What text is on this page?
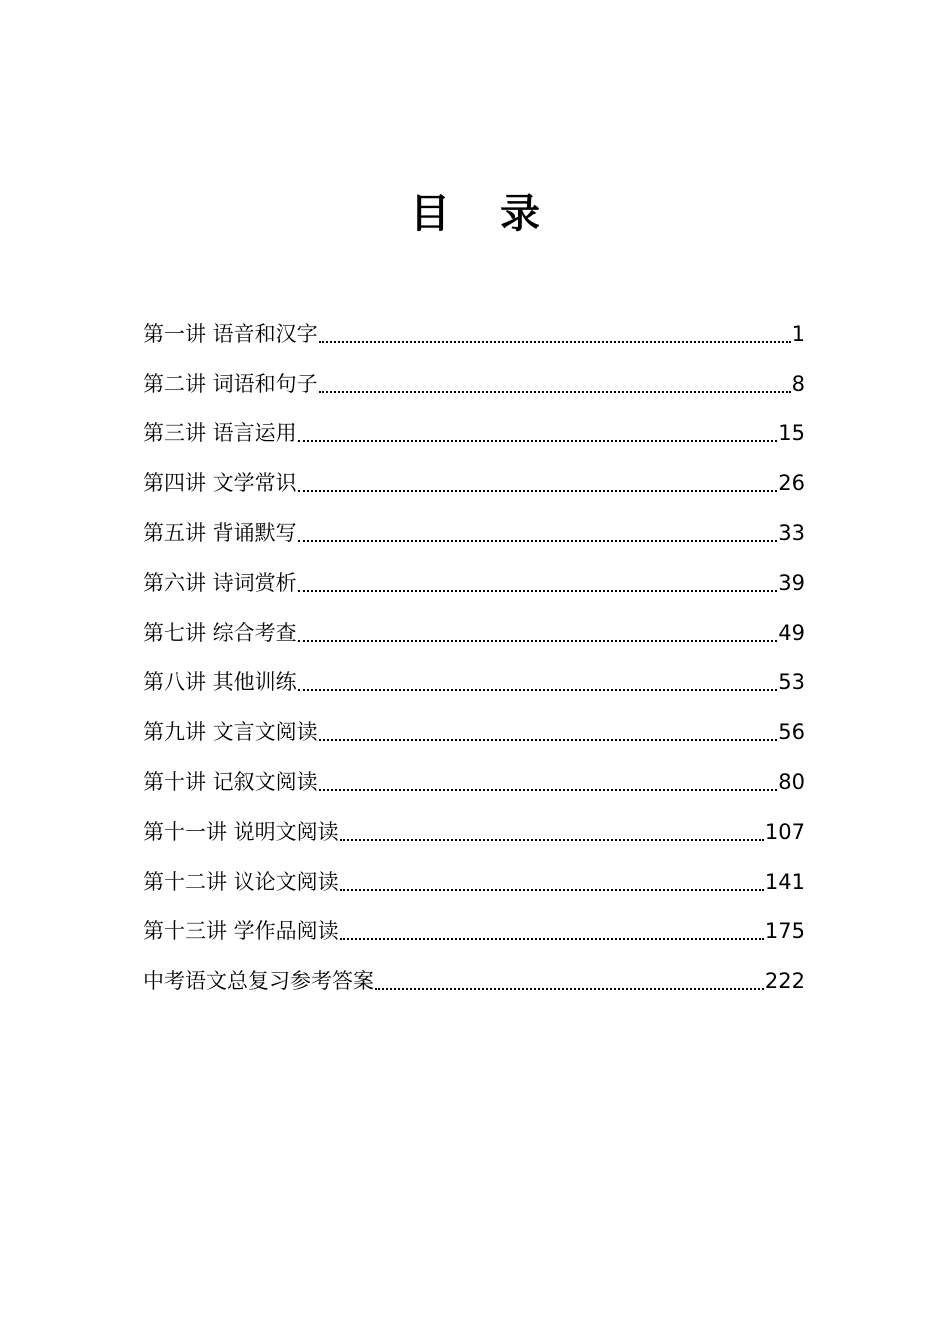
目 录
第一讲 语音和汉字	1
第二讲 词语和句子	8
第三讲 语言运用	15
第四讲 文学常识	26
第五讲 背诵默写	33
第六讲 诗词赏析	39
第七讲 综合考查	49
第八讲 其他训练	53
第九讲 文言文阅读	56
第十讲 记叙文阅读	80
第十一讲 说明文阅读	107
第十二讲 议论文阅读	141
第十三讲 学作品阅读	175
中考语文总复习参考答案	222
